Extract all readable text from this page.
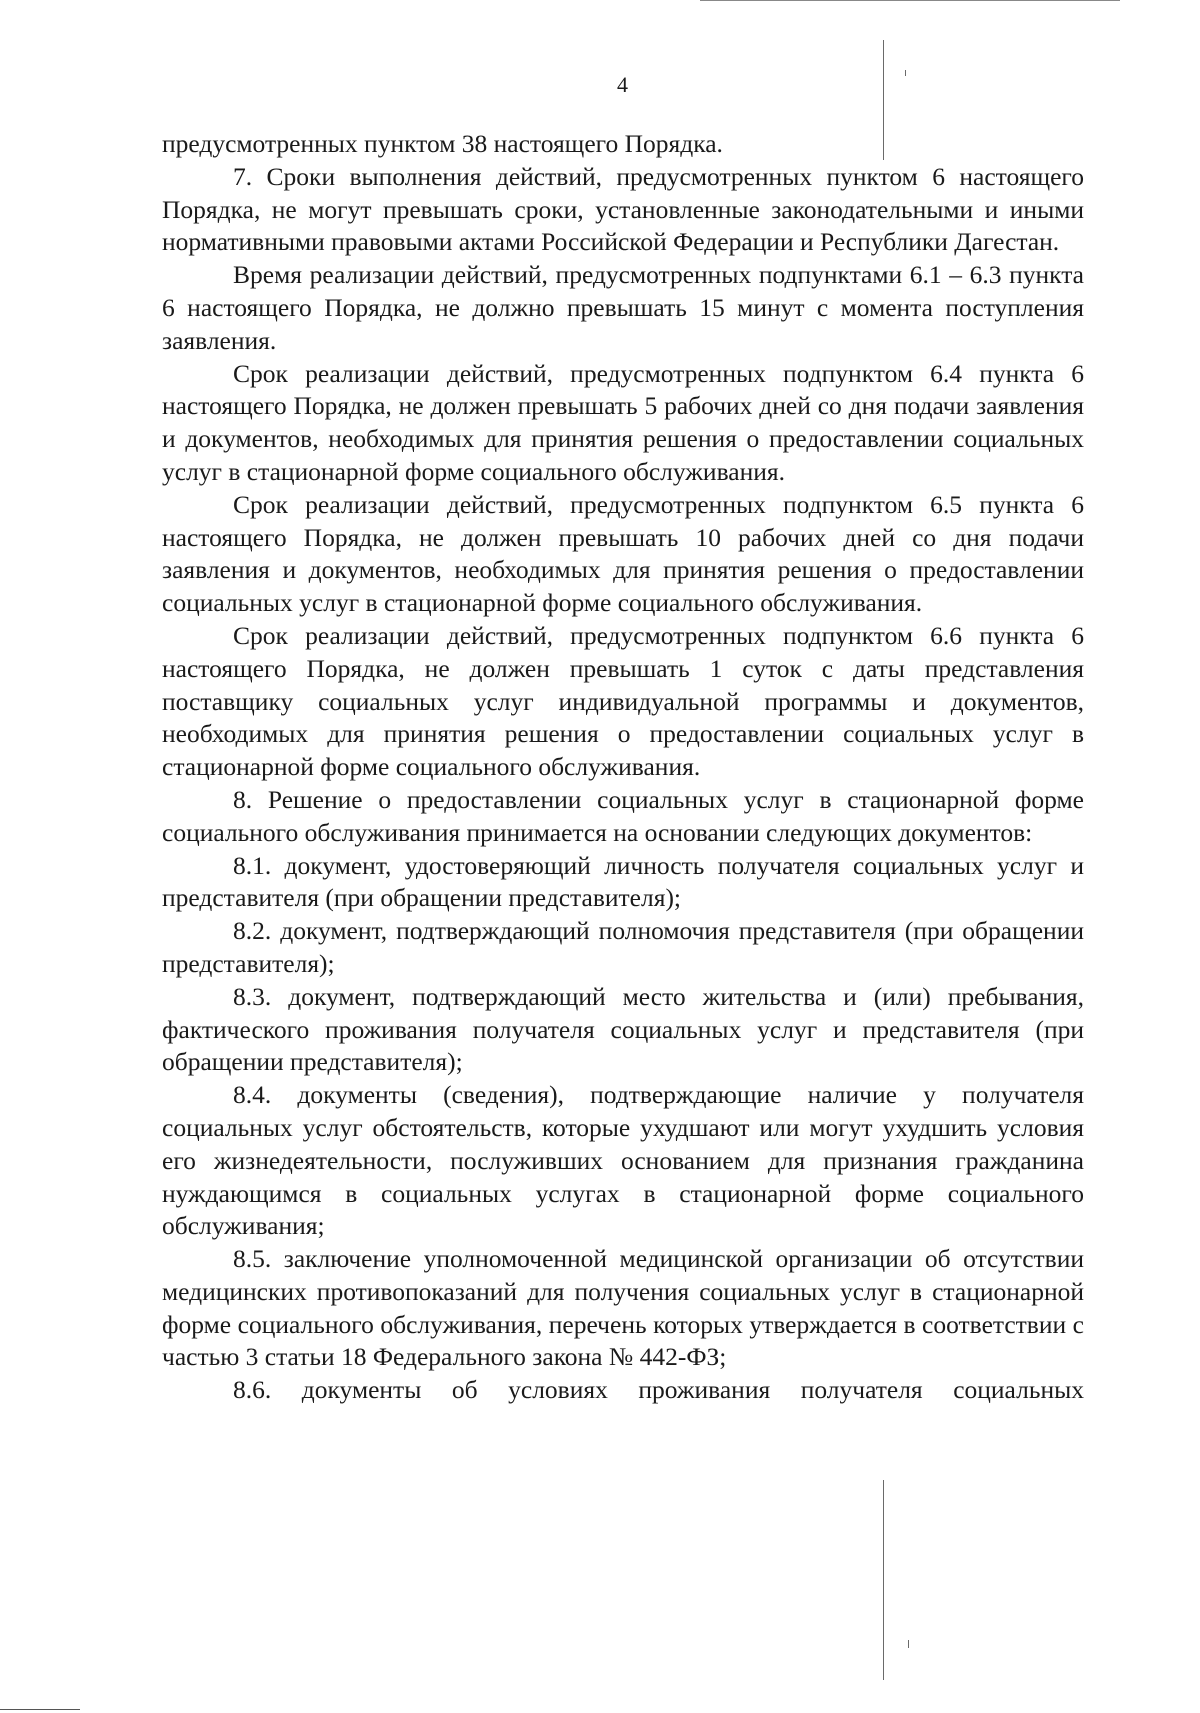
4

предусмотренных пунктом 38 настоящего Порядка.

7. Сроки выполнения действий, предусмотренных пунктом 6 настоящего Порядка, не могут превышать сроки, установленные законодательными и иными нормативными правовыми актами Российской Федерации и Республики Дагестан.

Время реализации действий, предусмотренных подпунктами 6.1 – 6.3 пункта 6 настоящего Порядка, не должно превышать 15 минут с момента поступления заявления.

Срок реализации действий, предусмотренных подпунктом 6.4 пункта 6 настоящего Порядка, не должен превышать 5 рабочих дней со дня подачи заявления и документов, необходимых для принятия решения о предоставлении социальных услуг в стационарной форме социального обслуживания.

Срок реализации действий, предусмотренных подпунктом 6.5 пункта 6 настоящего Порядка, не должен превышать 10 рабочих дней со дня подачи заявления и документов, необходимых для принятия решения о предоставлении социальных услуг в стационарной форме социального обслуживания.

Срок реализации действий, предусмотренных подпунктом 6.6 пункта 6 настоящего Порядка, не должен превышать 1 суток с даты представления поставщику социальных услуг индивидуальной программы и документов, необходимых для принятия решения о предоставлении социальных услуг в стационарной форме социального обслуживания.

8. Решение о предоставлении социальных услуг в стационарной форме социального обслуживания принимается на основании следующих документов:

8.1. документ, удостоверяющий личность получателя социальных услуг и представителя (при обращении представителя);

8.2. документ, подтверждающий полномочия представителя (при обращении представителя);

8.3. документ, подтверждающий место жительства и (или) пребывания, фактического проживания получателя социальных услуг и представителя (при обращении представителя);

8.4. документы (сведения), подтверждающие наличие у получателя социальных услуг обстоятельств, которые ухудшают или могут ухудшить условия его жизнедеятельности, послуживших основанием для признания гражданина нуждающимся в социальных услугах в стационарной форме социального обслуживания;

8.5. заключение уполномоченной медицинской организации об отсутствии медицинских противопоказаний для получения социальных услуг в стационарной форме социального обслуживания, перечень которых утверждается в соответствии с частью 3 статьи 18 Федерального закона № 442-ФЗ;

8.6. документы об условиях проживания получателя социальных
